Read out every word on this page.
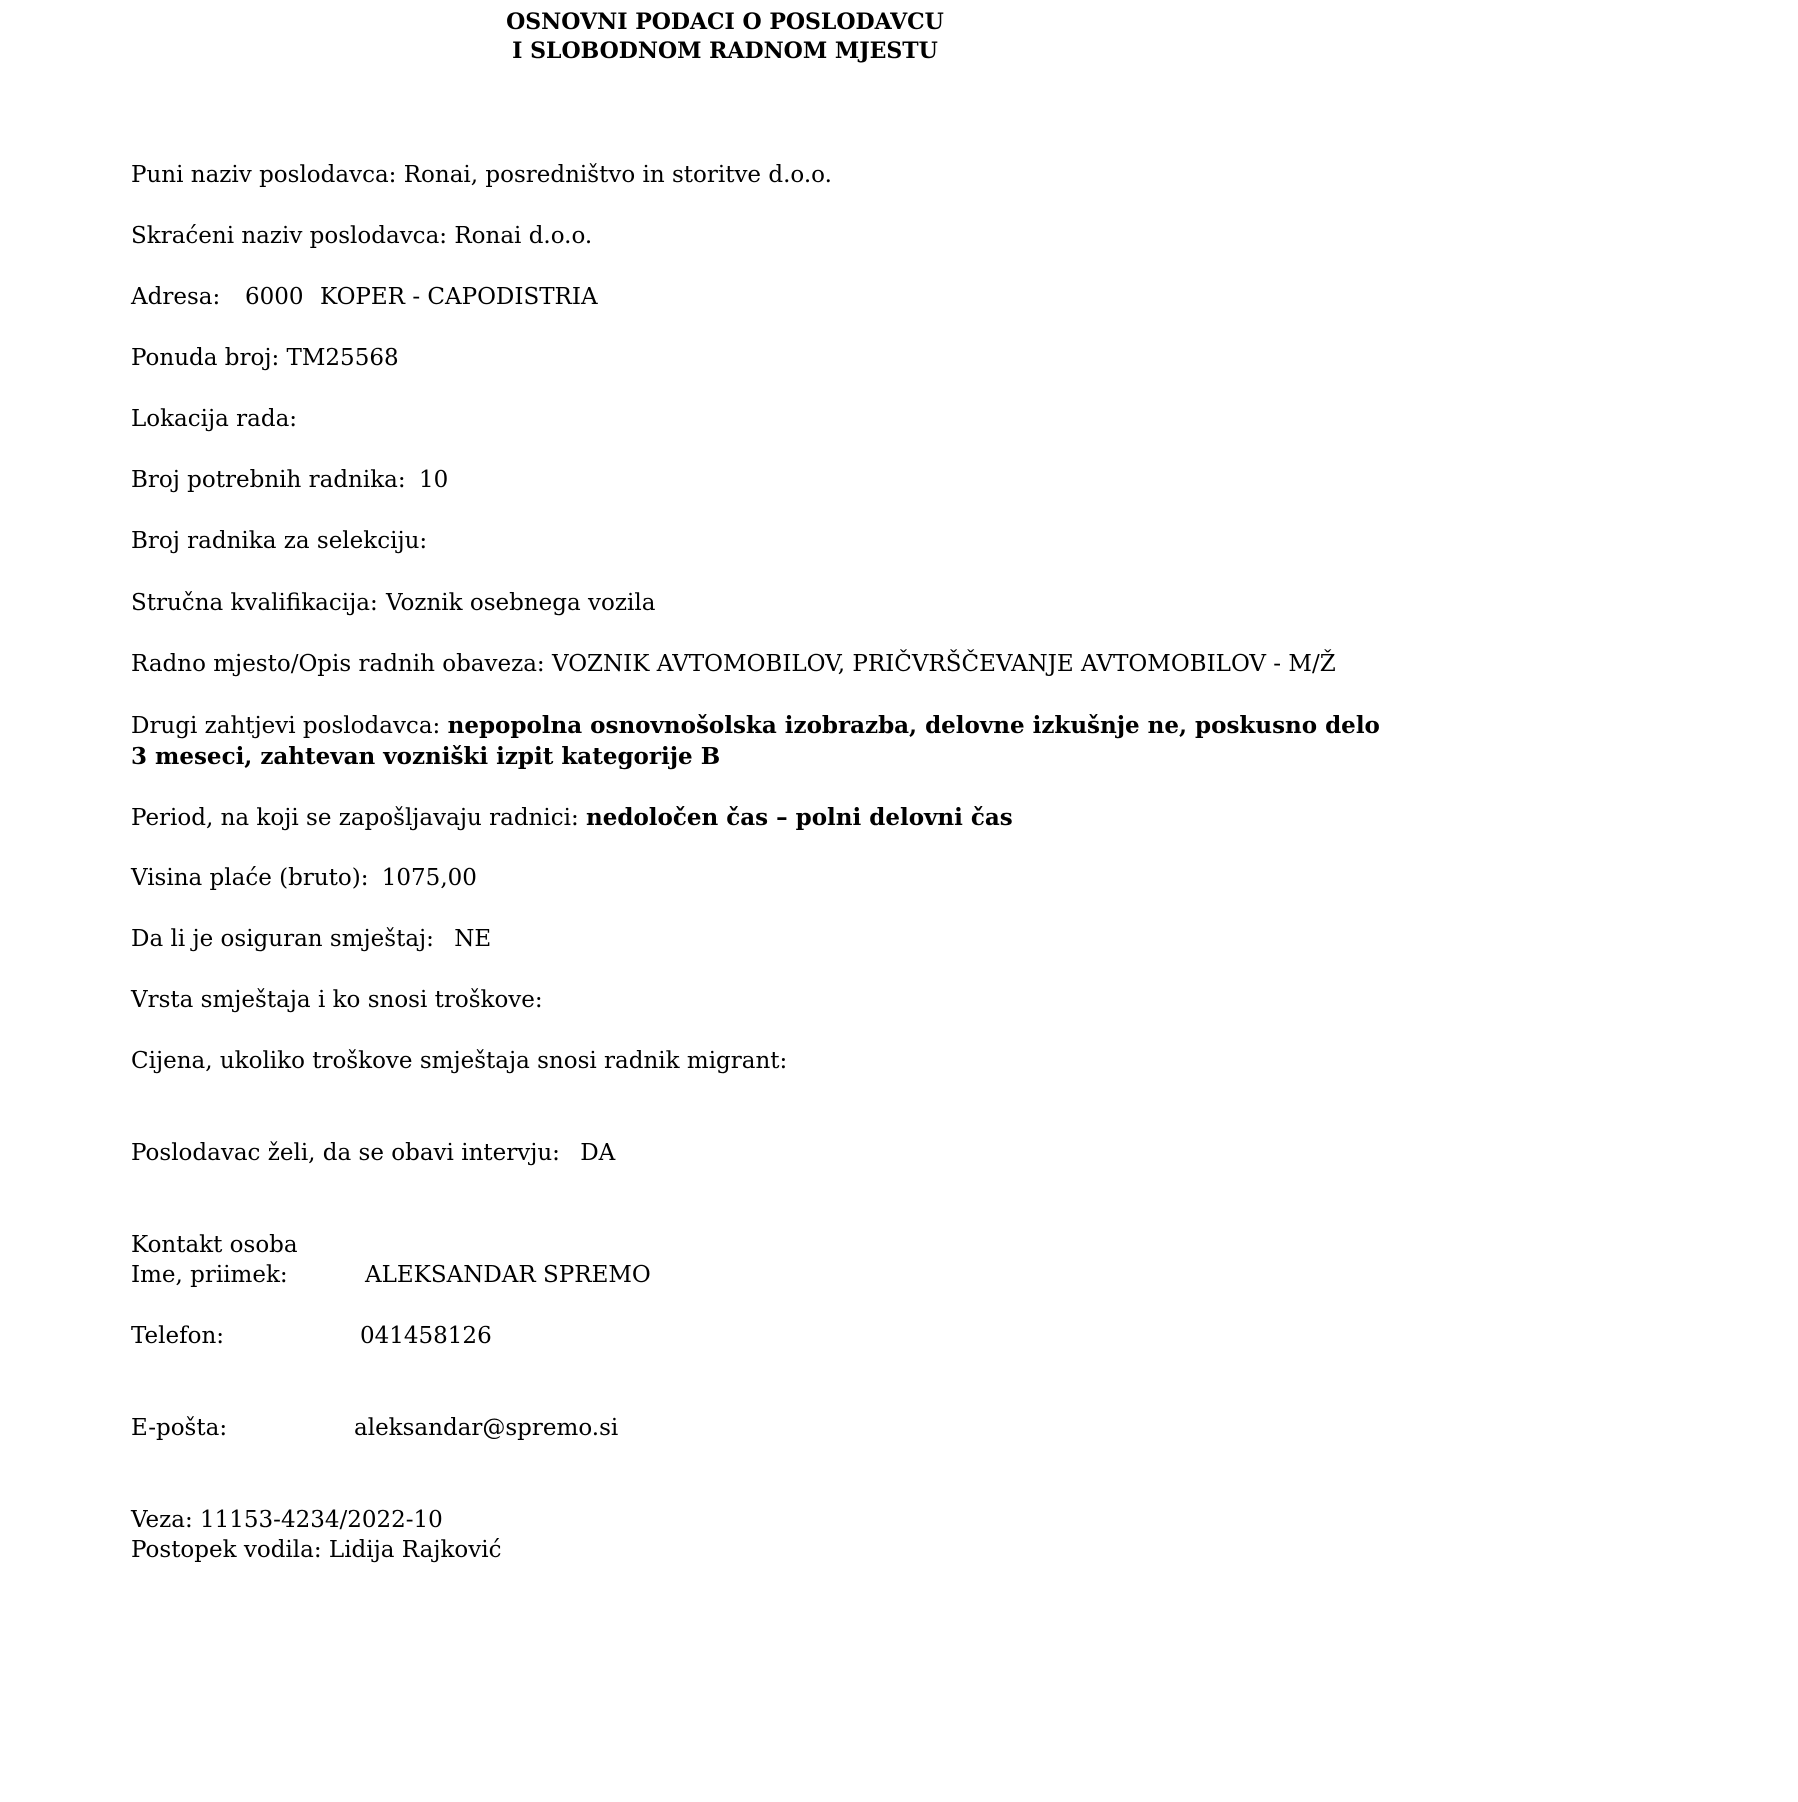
OSNOVNI PODACI O POSLODAVCU
I SLOBODNOM RADNOM MJESTU
Puni naziv poslodavca: Ronai, posredništvo in storitve d.o.o.
Skraćeni naziv poslodavca: Ronai d.o.o.
Adresa: 6000 KOPER - CAPODISTRIA
Ponuda broj: TM25568
Lokacija rada:
Broj potrebnih radnika: 10
Broj radnika za selekciju:
Stručna kvalifikacija: Voznik osebnega vozila
Radno mjesto/Opis radnih obaveza: VOZNIK AVTOMOBILOV, PRIČVRŠČEVANJE AVTOMOBILOV - M/Ž
Drugi zahtjevi poslodavca: nepopolna osnovnošolska izobrazba, delovne izkušnje ne, poskusno delo
3 meseci, zahtevan vozniški izpit kategorije B
Period, na koji se zapošljavaju radnici: nedoločen čas – polni delovni čas
Visina plaće (bruto): 1075,00
Da li je osiguran smještaj: NE
Vrsta smještaja i ko snosi troškove:
Cijena, ukoliko troškove smještaja snosi radnik migrant:
Poslodavac želi, da se obavi intervju: DA
Kontakt osoba
Ime, priimek:	ALEKSANDAR SPREMO
Telefon:	041458126
E-pošta:	aleksandar@spremo.si
Veza: 11153-4234/2022-10
Postopek vodila: Lidija Rajković
